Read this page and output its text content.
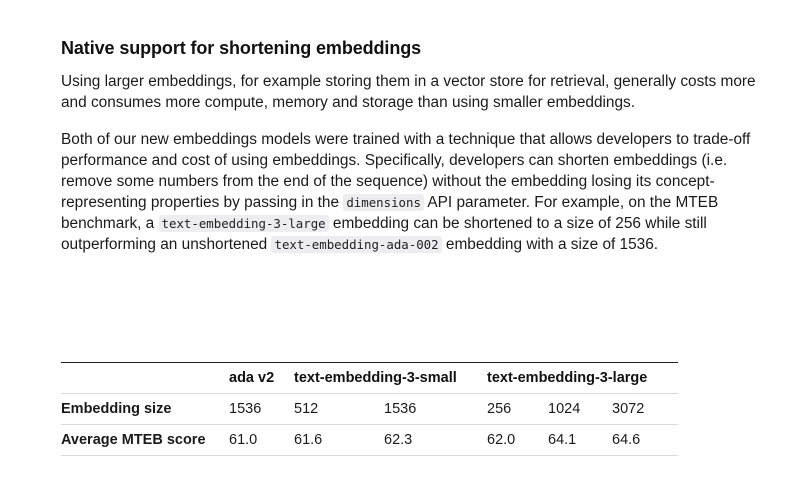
Native support for shortening embeddings

Using larger embeddings, for example storing them in a vector store for retrieval, generally costs more and consumes more compute, memory and storage than using smaller embeddings.

Both of our new embeddings models were trained with a technique that allows developers to trade-off performance and cost of using embeddings. Specifically, developers can shorten embeddings (i.e. remove some numbers from the end of the sequence) without the embedding losing its concept-representing properties by passing in the dimensions API parameter. For example, on the MTEB benchmark, a text-embedding-3-large embedding can be shortened to a size of 256 while still outperforming an unshortened text-embedding-ada-002 embedding with a size of 1536.

	ada v2	text-embedding-3-small		text-embedding-3-large		
Embedding size	1536	512	1536	256	1024	3072
Average MTEB score	61.0	61.6	62.3	62.0	64.1	64.6
